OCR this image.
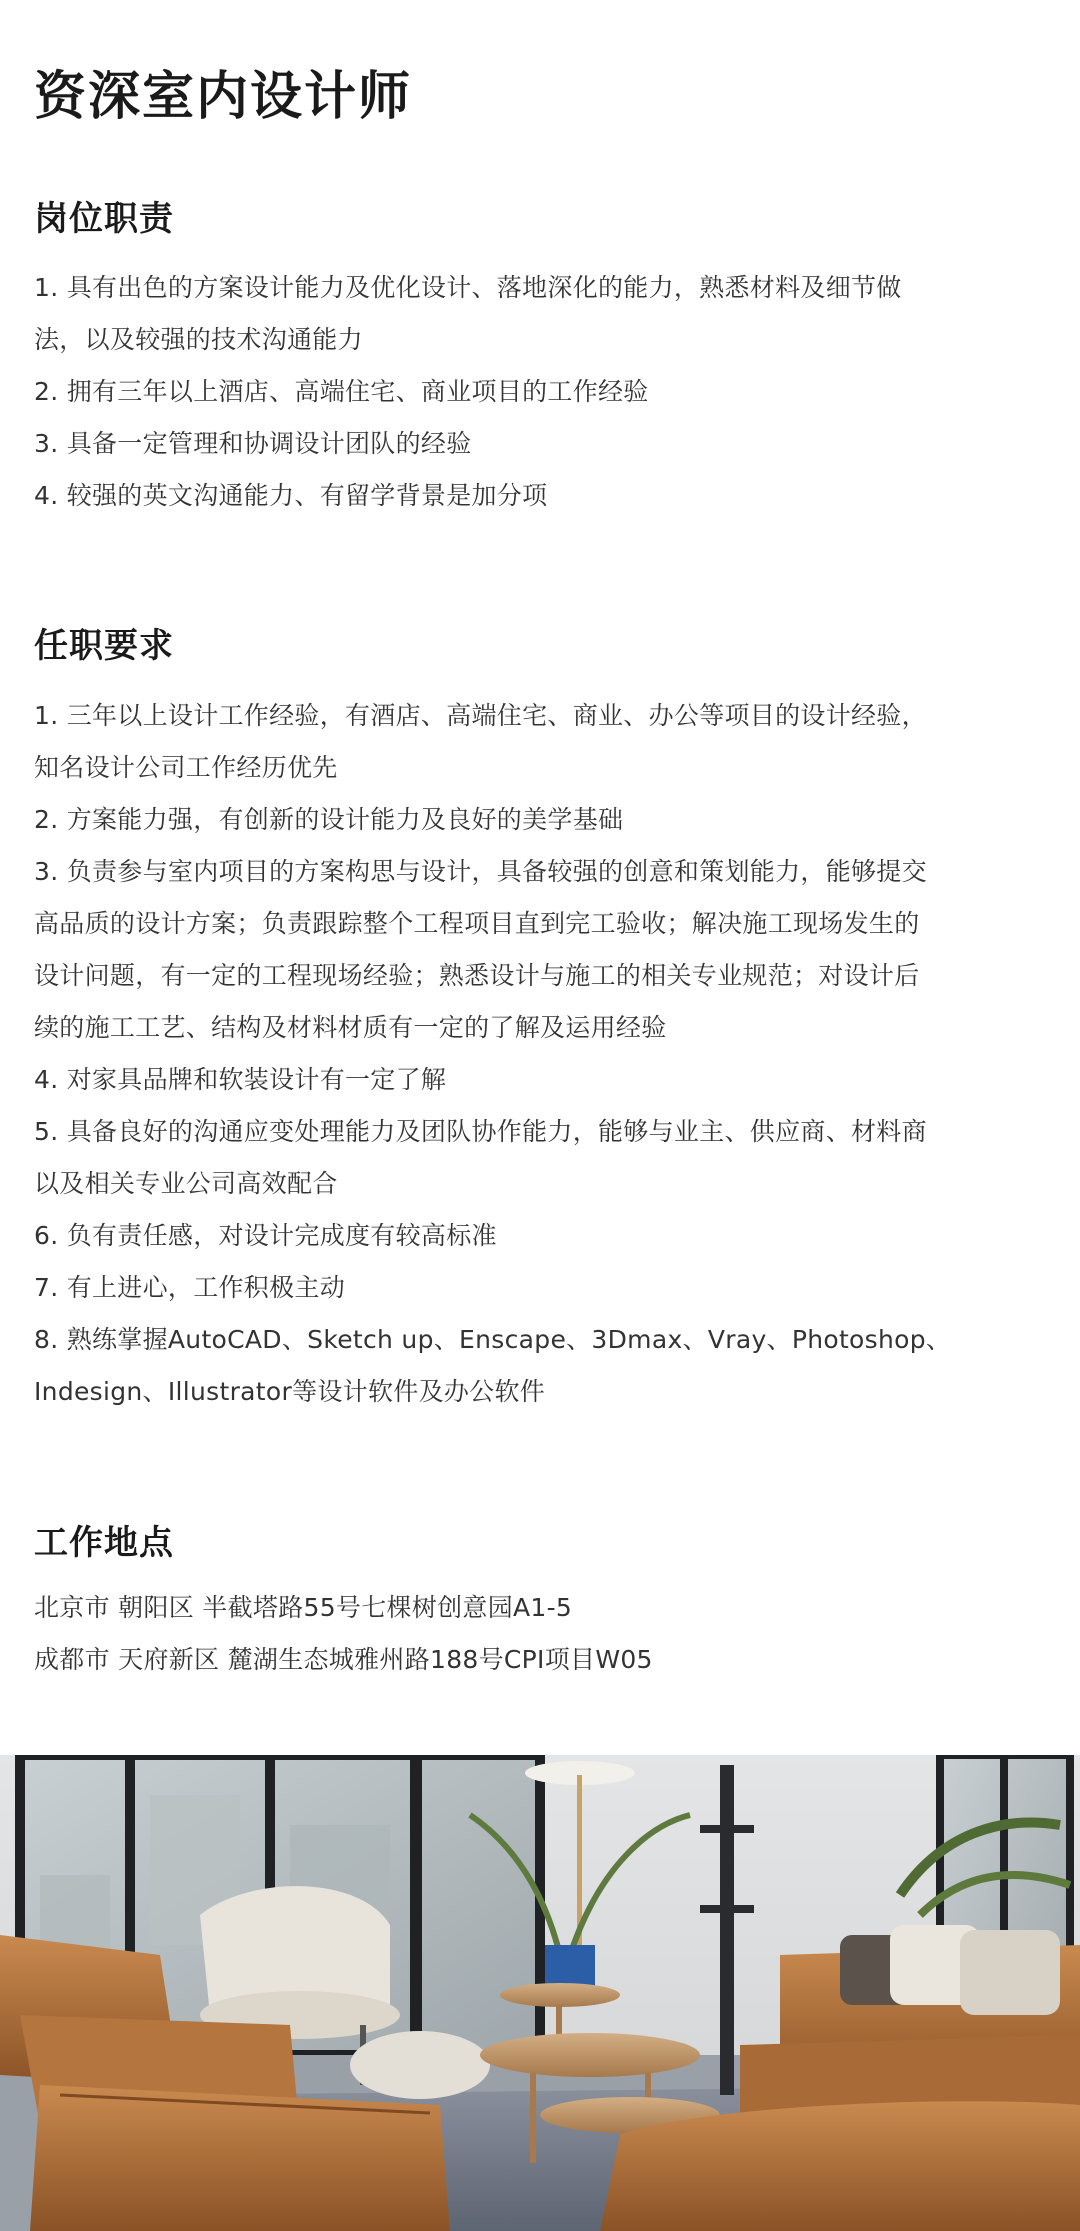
资深室内设计师
岗位职责

1. 具有出色的方案设计能力及优化设计、落地深化的能力，熟悉材料及细节做

法，以及较强的技术沟通能力

2. 拥有三年以上酒店、高端住宅、商业项目的工作经验

3. 具备一定管理和协调设计团队的经验

4. 较强的英文沟通能力、有留学背景是加分项

任职要求

1. 三年以上设计工作经验，有酒店、高端住宅、商业、办公等项目的设计经验，

知名设计公司工作经历优先

2. 方案能力强，有创新的设计能力及良好的美学基础

3. 负责参与室内项目的方案构思与设计，具备较强的创意和策划能力，能够提交

高品质的设计方案；负责跟踪整个工程项目直到完工验收；解决施工现场发生的

设计问题，有一定的工程现场经验；熟悉设计与施工的相关专业规范；对设计后

续的施工工艺、结构及材料材质有一定的了解及运用经验

4. 对家具品牌和软装设计有一定了解

5. 具备良好的沟通应变处理能力及团队协作能力，能够与业主、供应商、材料商

以及相关专业公司高效配合

6. 负有责任感，对设计完成度有较高标准

7. 有上进心，工作积极主动

8. 熟练掌握AutoCAD、Sketch up、Enscape、3Dmax、Vray、Photoshop、

Indesign、Illustrator等设计软件及办公软件

工作地点

北京市 朝阳区 半截塔路55号七棵树创意园A1-5

成都市 天府新区 麓湖生态城雅州路188号CPI项目W05
